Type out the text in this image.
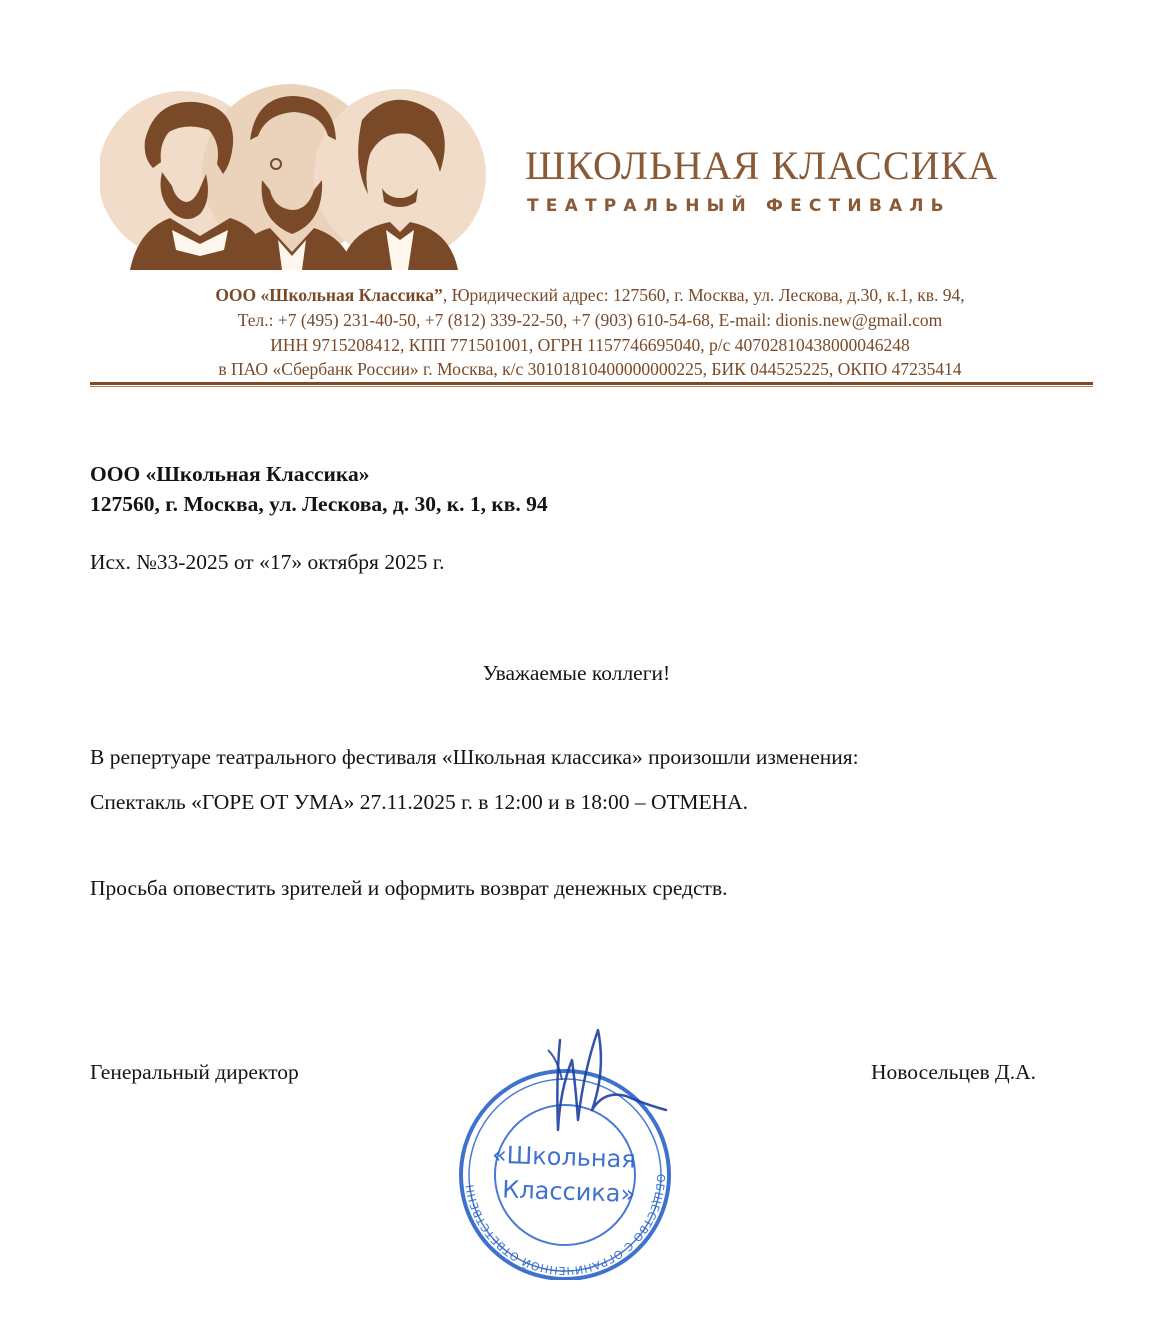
ШКОЛЬНАЯ КЛАССИКА
ТЕАТРАЛЬНЫЙ ФЕСТИВАЛЬ
ООО «Школьная Классика”, Юридический адрес: 127560, г. Москва, ул. Лескова, д.30, к.1, кв. 94,
Тел.: +7 (495) 231-40-50, +7 (812) 339-22-50, +7 (903) 610-54-68, E-mail: dionis.new@gmail.com
ИНН 9715208412, КПП 771501001, ОГРН 1157746695040, р/с 40702810438000046248
в ПАО «Сбербанк России» г. Москва, к/с 30101810400000000225, БИК 044525225, ОКПО 47235414
ООО «Школьная Классика»
127560, г. Москва, ул. Лескова, д. 30, к. 1, кв. 94
Исх. №33-2025 от «17» октября 2025 г.
Уважаемые коллеги!
В репертуаре театрального фестиваля «Школьная классика» произошли изменения:
Спектакль «ГОРЕ ОТ УМА» 27.11.2025 г. в 12:00 и в 18:00 – ОТМЕНА.
Просьба оповестить зрителей и оформить возврат денежных средств.
Генеральный директор	Новосельцев Д.А.
ОБЩЕСТВО С ОГРАНИЧЕННОЙ ОТВЕТСТВЕННОСТЬЮ
«Школьная
Классика»
